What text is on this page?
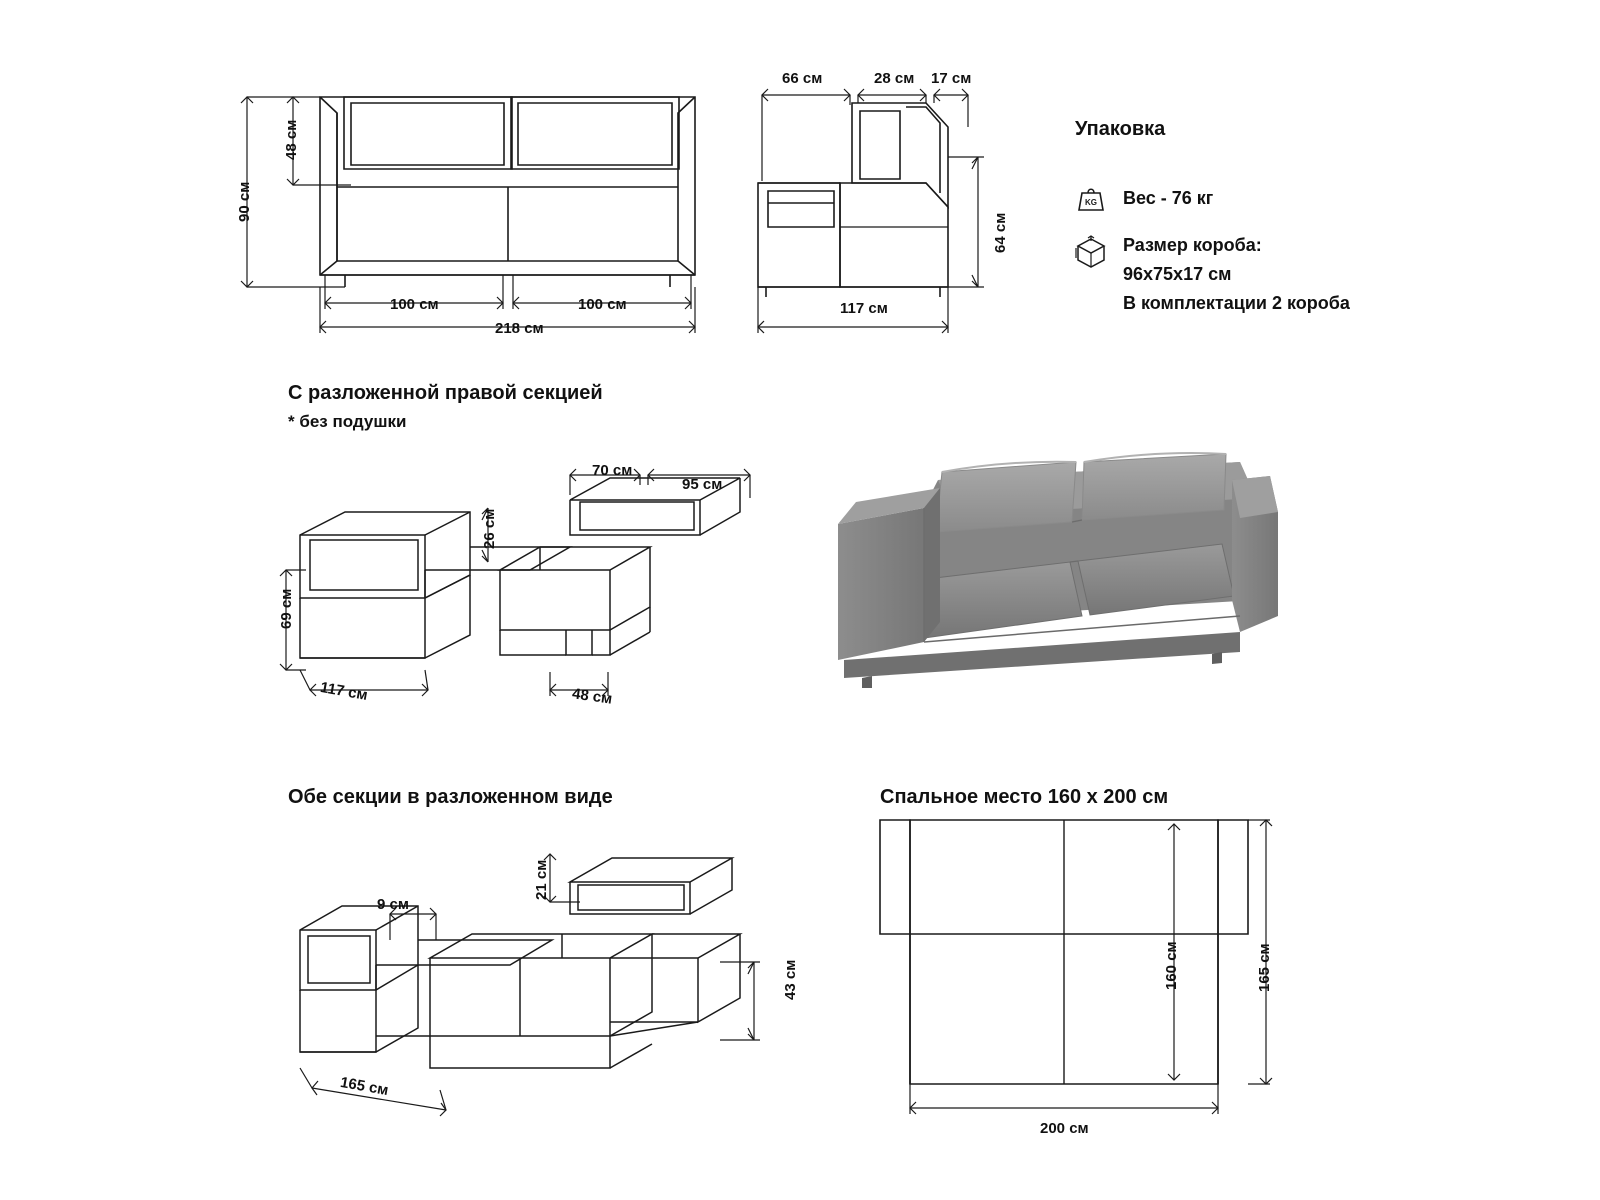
90 см
48 см
100 см	100 см
218 см
66 см	28 см 17 см
64 см
117 см
Упаковка
KG Вес - 76 кг
Размер короба:
96х75х17 см
В комплектации 2 короба
С разложенной правой секцией
* без подушки
70 см
95 см
26 см
69 см
117 см	48 см
Обе секции в разложенном виде
21 см
9 см
43 см
165 см
Спальное место 160 х 200 см
160 см	165 см
200 см
